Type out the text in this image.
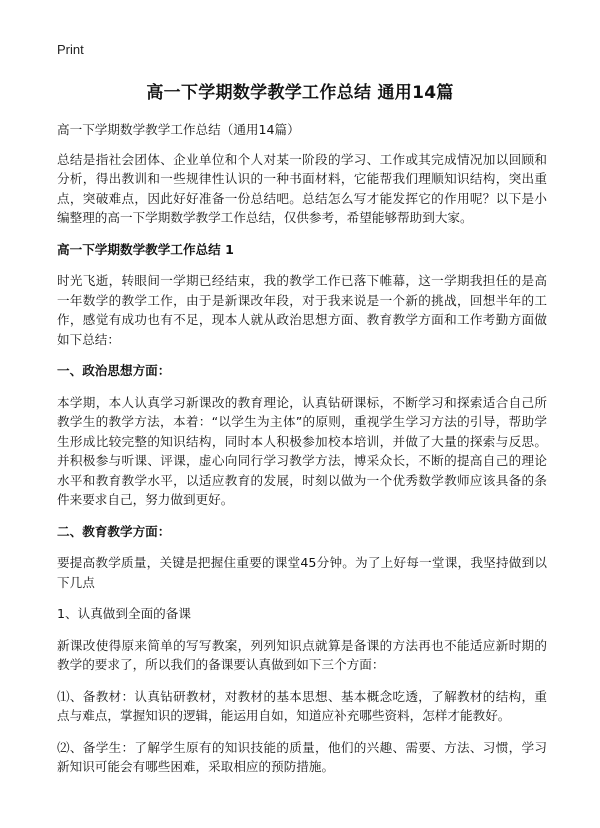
Print
高一下学期数学教学工作总结 通用14篇

高一下学期数学教学工作总结（通用14篇）

总结是指社会团体、企业单位和个人对某一阶段的学习、工作或其完成情况加以回顾和分析，得出教训和一些规律性认识的一种书面材料，它能帮我们理顺知识结构，突出重点，突破难点，因此好好准备一份总结吧。总结怎么写才能发挥它的作用呢？以下是小编整理的高一下学期数学教学工作总结，仅供参考，希望能够帮助到大家。

高一下学期数学教学工作总结 1

时光飞逝，转眼间一学期已经结束，我的教学工作已落下帷幕，这一学期我担任的是高一年数学的教学工作，由于是新课改年段，对于我来说是一个新的挑战，回想半年的工作，感觉有成功也有不足，现本人就从政治思想方面、教育教学方面和工作考勤方面做如下总结：

一、政治思想方面：

本学期，本人认真学习新课改的教育理论，认真钻研课标，不断学习和探索适合自己所教学生的教学方法，本着：“以学生为主体”的原则，重视学生学习方法的引导，帮助学生形成比较完整的知识结构，同时本人积极参加校本培训，并做了大量的探索与反思。并积极参与听课、评课，虚心向同行学习教学方法，博采众长，不断的提高自己的理论水平和教育教学水平，以适应教育的发展，时刻以做为一个优秀数学教师应该具备的条件来要求自己，努力做到更好。

二、教育教学方面：

要提高教学质量，关键是把握住重要的课堂45分钟。为了上好每一堂课，我坚持做到以下几点

1、认真做到全面的备课

新课改使得原来简单的写写教案，列列知识点就算是备课的方法再也不能适应新时期的教学的要求了，所以我们的备课要认真做到如下三个方面：

⑴、备教材：认真钻研教材，对教材的基本思想、基本概念吃透，了解教材的结构，重点与难点，掌握知识的逻辑，能运用自如，知道应补充哪些资料，怎样才能教好。

⑵、备学生：了解学生原有的知识技能的质量，他们的兴趣、需要、方法、习惯，学习新知识可能会有哪些困难，采取相应的预防措施。
